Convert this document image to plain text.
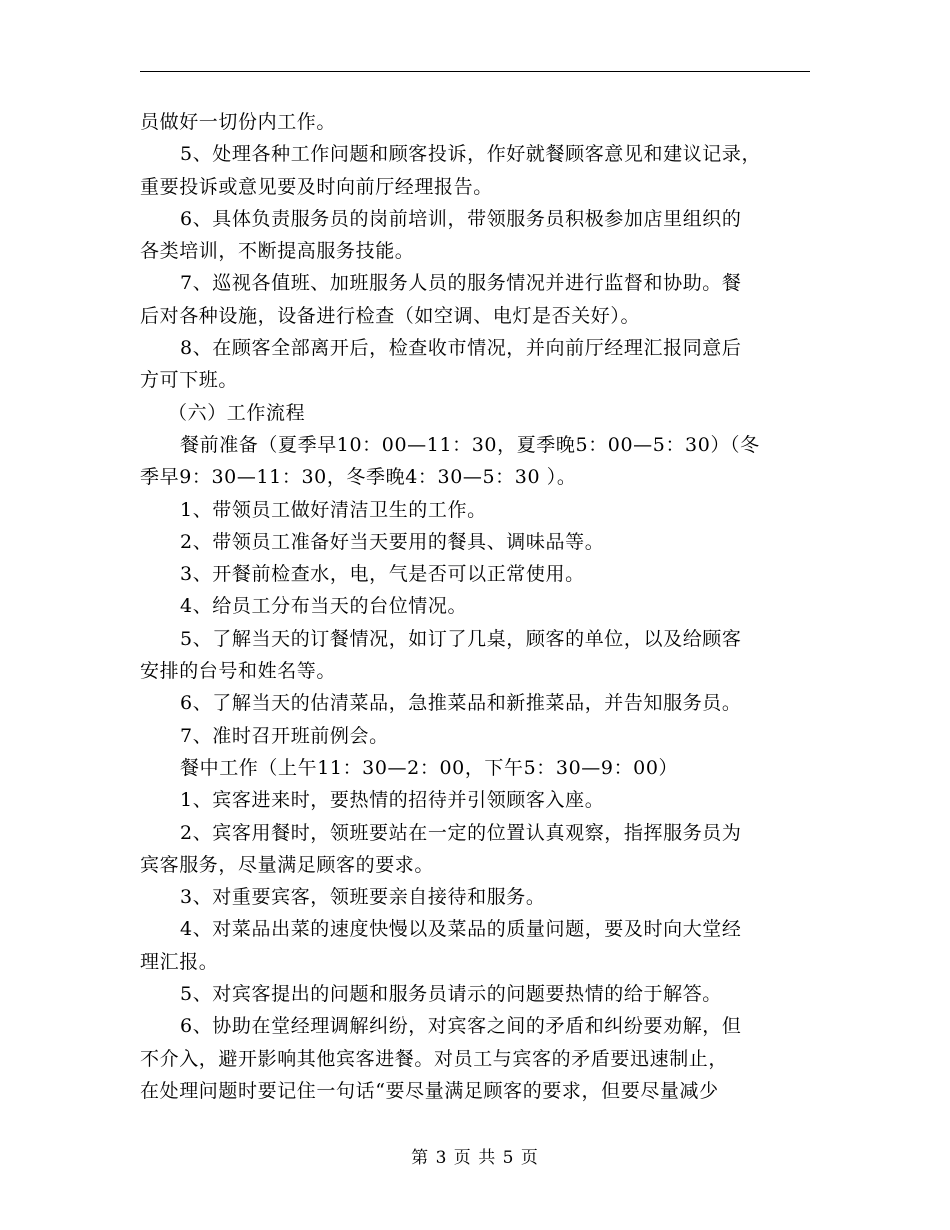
员做好一切份内工作。
5、处理各种工作问题和顾客投诉，作好就餐顾客意见和建议记录，
重要投诉或意见要及时向前厅经理报告。
6、具体负责服务员的岗前培训，带领服务员积极参加店里组织的
各类培训，不断提高服务技能。
7、巡视各值班、加班服务人员的服务情况并进行监督和协助。餐
后对各种设施，设备进行检查（如空调、电灯是否关好）。
8、在顾客全部离开后，检查收市情况，并向前厅经理汇报同意后
方可下班。
（六）工作流程
餐前准备（夏季早10：00—11：30，夏季晚5：00—5：30）（冬
季早9：30—11：30，冬季晚4：30—5：30 ）。
1、带领员工做好清洁卫生的工作。
2、带领员工准备好当天要用的餐具、调味品等。
3、开餐前检查水，电，气是否可以正常使用。
4、给员工分布当天的台位情况。
5、了解当天的订餐情况，如订了几桌，顾客的单位，以及给顾客
安排的台号和姓名等。
6、了解当天的估清菜品，急推菜品和新推菜品，并告知服务员。
7、准时召开班前例会。
餐中工作（上午11：30—2：00，下午5：30—9：00）
1、宾客进来时，要热情的招待并引领顾客入座。
2、宾客用餐时，领班要站在一定的位置认真观察，指挥服务员为
宾客服务，尽量满足顾客的要求。
3、对重要宾客，领班要亲自接待和服务。
4、对菜品出菜的速度快慢以及菜品的质量问题，要及时向大堂经
理汇报。
5、对宾客提出的问题和服务员请示的问题要热情的给于解答。
6、协助在堂经理调解纠纷，对宾客之间的矛盾和纠纷要劝解，但
不介入，避开影响其他宾客进餐。对员工与宾客的矛盾要迅速制止，
在处理问题时要记住一句话“要尽量满足顾客的要求，但要尽量减少
第 3 页 共 5 页
